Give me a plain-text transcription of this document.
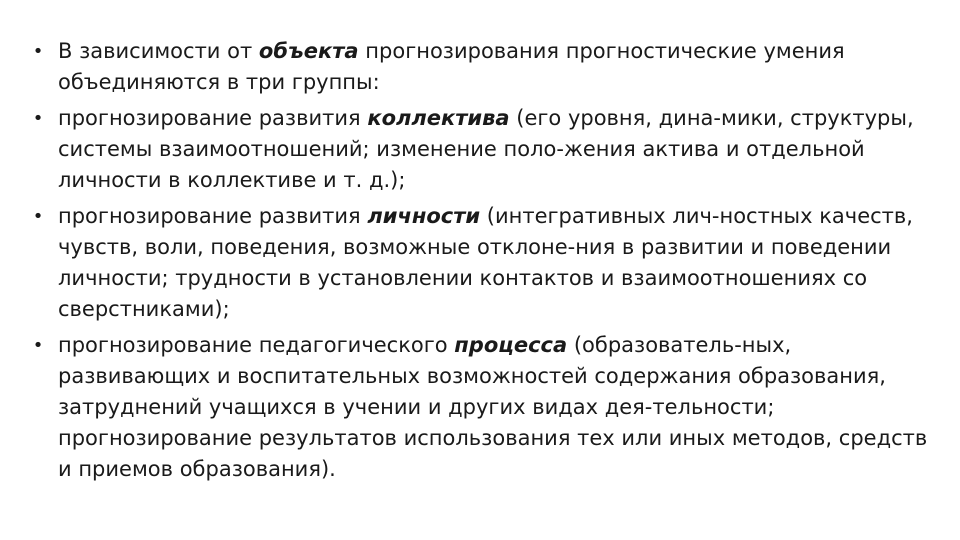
• В зависимости от объекта прогнозирования прогностические умения объединяются в три группы:
• прогнозирование развития коллектива (его уровня, дина-мики, структуры, системы взаимоотношений; изменение поло-жения актива и отдельной личности в коллективе и т. д.);
• прогнозирование развития личности (интегративных лич-ностных качеств, чувств, воли, поведения, возможные отклоне-ния в развитии и поведении личности; трудности в установлении контактов и взаимоотношениях со сверстниками);
• прогнозирование педагогического процесса (образователь-ных, развивающих и воспитательных возможностей содержания образования, затруднений учащихся в учении и других видах дея-тельности; прогнозирование результатов использования тех или иных методов, средств и приемов образования).
